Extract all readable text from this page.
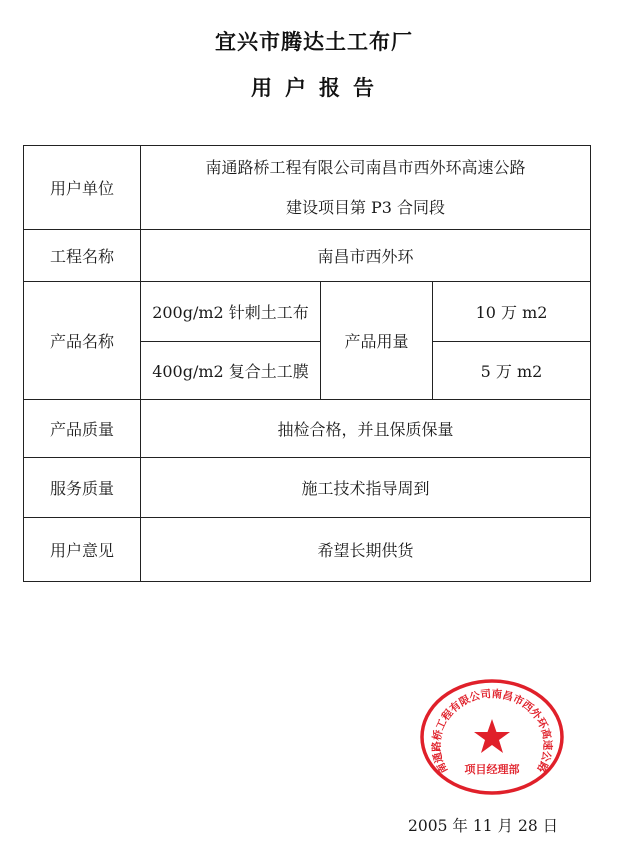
宜兴市腾达土工布厂
用户报告
用户单位	南通路桥工程有限公司南昌市西外环高速公路
建设项目第 P3 合同段		

工程名称	南昌市西外环		
产品名称	200g/m2 针刺土工布	产品用量	10 万 m2
	400g/m2 复合土工膜		5 万 m2
产品质量	抽检合格，并且保质保量		
服务质量	施工技术指导周到		
用户意见	希望长期供货		
南通路桥工程有限公司南昌市西外环高速公路
项目经理部
2005 年 11 月 28 日
